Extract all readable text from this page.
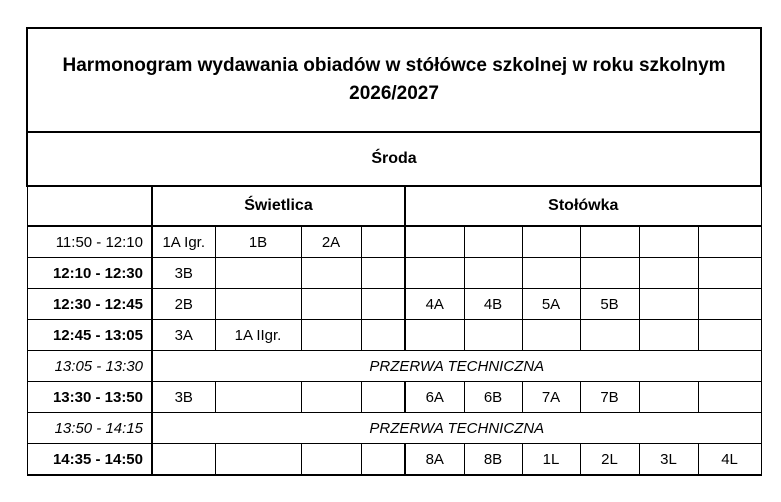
Harmonogram wydawania obiadów w stółówce szkolnej w roku szkolnym 2026/2027										
Środa										
	Świetlica				Stołówka					
11:50 - 12:10	1A Igr.	1B	2A							
12:10 - 12:30	3B									
12:30 - 12:45	2B				4A	4B	5A	5B		
12:45 - 13:05	3A	1A IIgr.								
13:05 - 13:30	PRZERWA TECHNICZNA									
13:30 - 13:50	3B				6A	6B	7A	7B		
13:50 - 14:15	PRZERWA TECHNICZNA									
14:35 - 14:50					8A	8B	1L	2L	3L	4L
